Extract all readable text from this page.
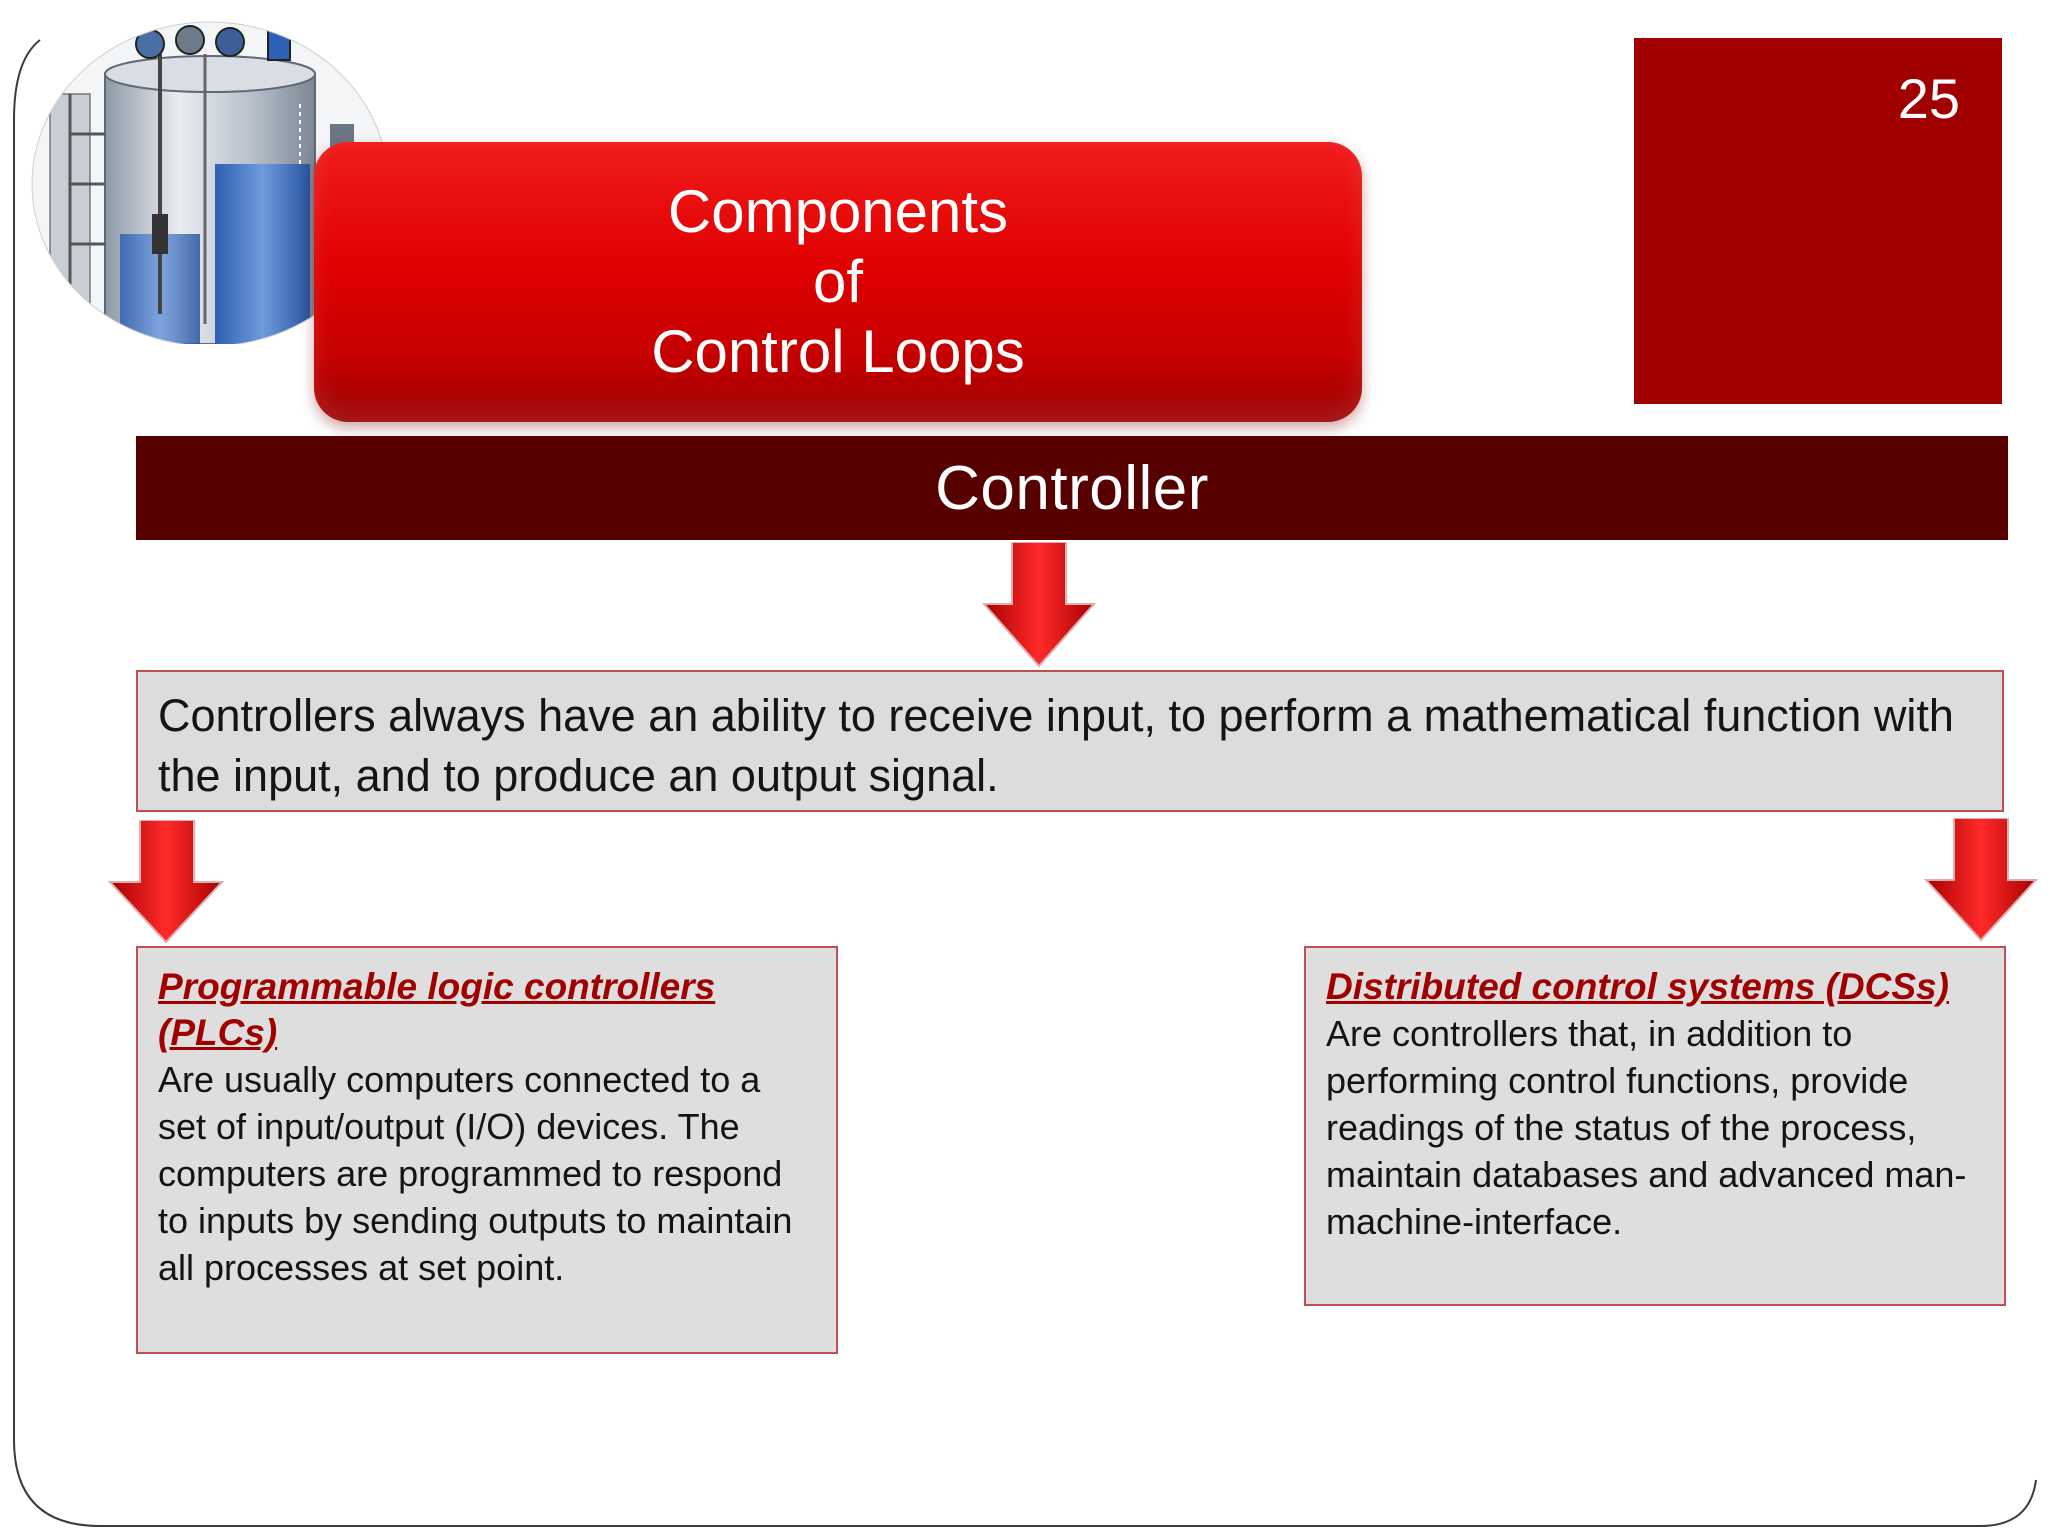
25
Components
of
Control Loops
Controller
Controllers always have an ability to receive input, to perform a mathematical function with the input, and to produce an output signal.
Programmable logic controllers (PLCs)
Are usually computers connected to a set of input/output (I/O) devices. The computers are programmed to respond to inputs by sending outputs to maintain all processes at set point.
Distributed control systems (DCSs)
Are controllers that, in addition to performing control functions, provide readings of the status of the process, maintain databases and advanced man-machine-interface.
